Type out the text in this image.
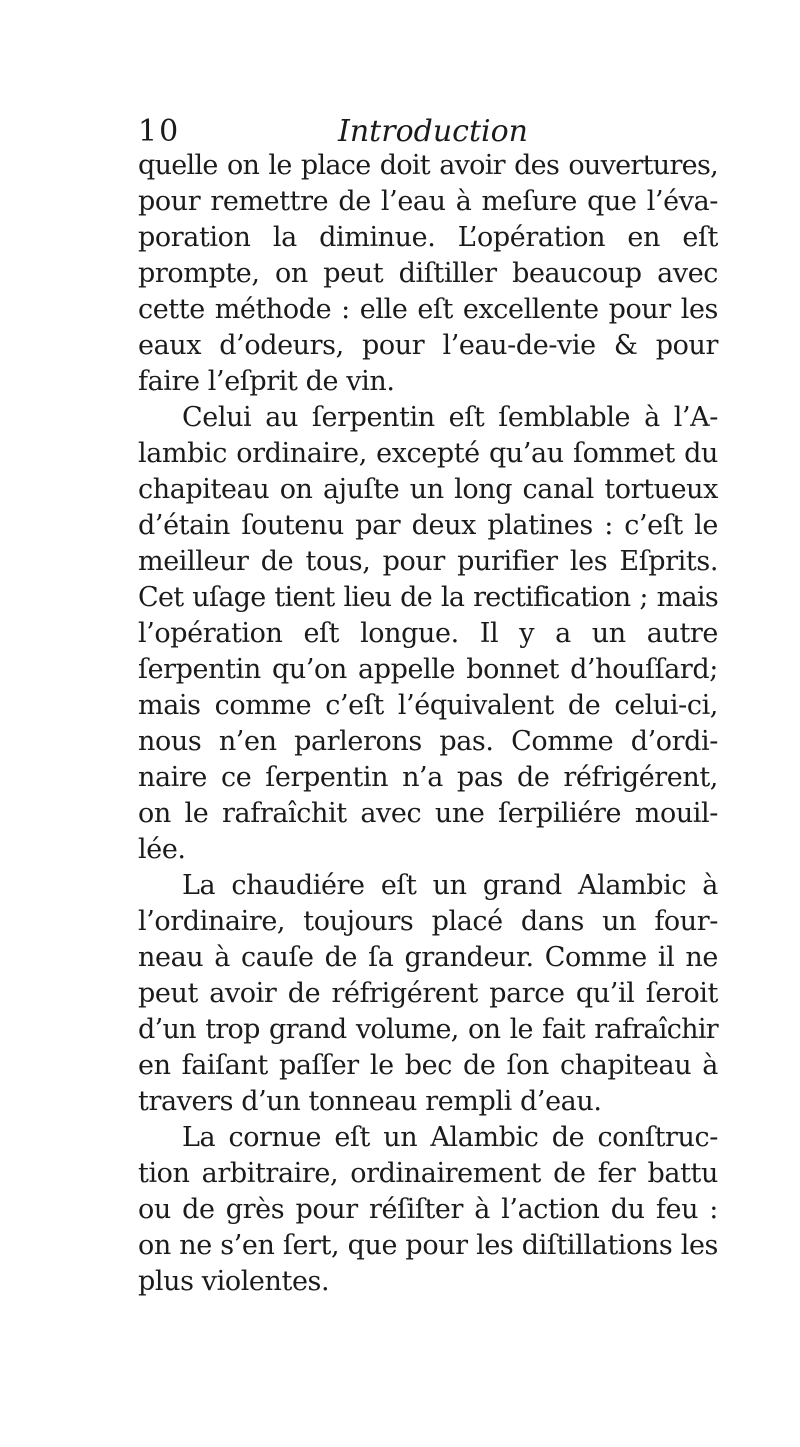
10	Introduction
quelle on le place doit avoir des ouvertures,
pour remettre de l’eau à meſure que l’éva-
poration la diminue. L’opération en eſt
prompte, on peut diſtiller beaucoup avec
cette méthode : elle eſt excellente pour les
eaux d’odeurs, pour l’eau-de-vie & pour
faire l’eſprit de vin.
Celui au ſerpentin eſt ſemblable à l’A-
lambic ordinaire, excepté qu’au ſommet du
chapiteau on ajuſte un long canal tortueux
d’étain ſoutenu par deux platines : c’eſt le
meilleur de tous, pour purifier les Eſprits.
Cet uſage tient lieu de la rectification ; mais
l’opération eſt longue. Il y a un autre
ſerpentin qu’on appelle bonnet d’houſſard;
mais comme c’eſt l’équivalent de celui-ci,
nous n’en parlerons pas. Comme d’ordi-
naire ce ſerpentin n’a pas de réfrigérent,
on le rafraîchit avec une ſerpiliére mouil-
lée.
La chaudiére eſt un grand Alambic à
l’ordinaire, toujours placé dans un four-
neau à cauſe de ſa grandeur. Comme il ne
peut avoir de réfrigérent parce qu’il ſeroit
d’un trop grand volume, on le fait rafraîchir
en faiſant paſſer le bec de ſon chapiteau à
travers d’un tonneau rempli d’eau.
La cornue eſt un Alambic de conſtruc-
tion arbitraire, ordinairement de fer battu
ou de grès pour réſiſter à l’action du feu :
on ne s’en ſert, que pour les diſtillations les
plus violentes.
